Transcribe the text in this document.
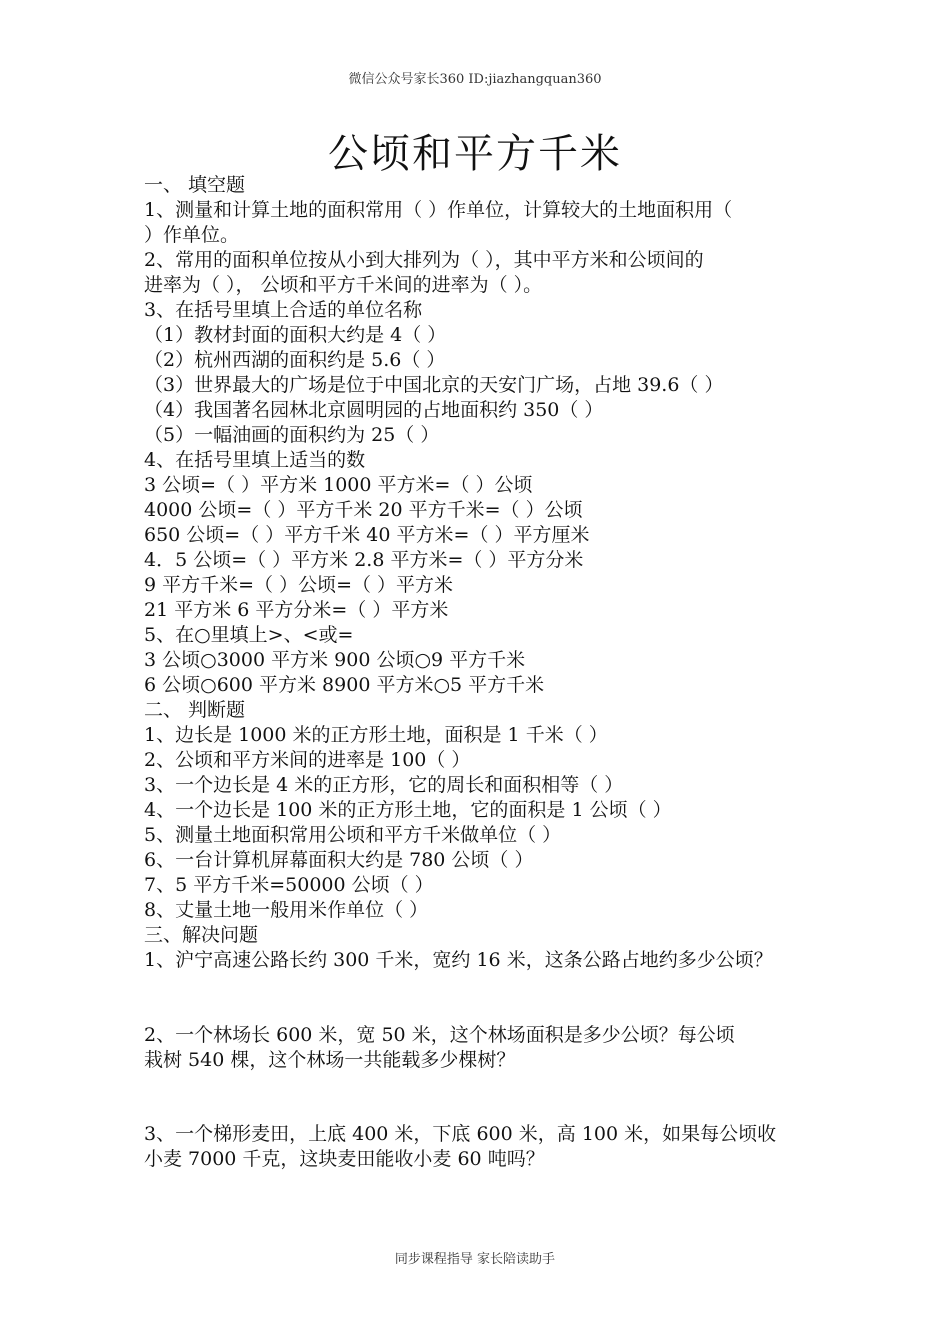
微信公众号家长360 ID:jiazhangquan360
公顷和平方千米
一、 填空题
1、测量和计算土地的面积常用（ ）作单位，计算较大的土地面积用（
）作单位。
2、常用的面积单位按从小到大排列为（ ），其中平方米和公顷间的
进率为（ ）， 公顷和平方千米间的进率为（ ）。
3、在括号里填上合适的单位名称
（1）教材封面的面积大约是 4（ ）
（2）杭州西湖的面积约是 5.6（ ）
（3）世界最大的广场是位于中国北京的天安门广场，占地 39.6（ ）
（4）我国著名园林北京圆明园的占地面积约 350（ ）
（5）一幅油画的面积约为 25（ ）
4、在括号里填上适当的数
3 公顷=（ ）平方米 1000 平方米=（ ）公顷
4000 公顷=（ ）平方千米 20 平方千米=（ ）公顷
650 公顷=（ ）平方千米 40 平方米=（ ）平方厘米
4．5 公顷=（ ）平方米 2.8 平方米=（ ）平方分米
9 平方千米=（ ）公顷=（ ）平方米
21 平方米 6 平方分米=（ ）平方米
5、在○里填上>、<或=
3 公顷○3000 平方米 900 公顷○9 平方千米
6 公顷○600 平方米 8900 平方米○5 平方千米
二、 判断题
1、边长是 1000 米的正方形土地，面积是 1 千米（ ）
2、公顷和平方米间的进率是 100（ ）
3、一个边长是 4 米的正方形，它的周长和面积相等（ ）
4、一个边长是 100 米的正方形土地，它的面积是 1 公顷（ ）
5、测量土地面积常用公顷和平方千米做单位（ ）
6、一台计算机屏幕面积大约是 780 公顷（ ）
7、5 平方千米=50000 公顷（ ）
8、丈量土地一般用米作单位（ ）
三、解决问题
1、沪宁高速公路长约 300 千米，宽约 16 米，这条公路占地约多少公顷？
2、一个林场长 600 米，宽 50 米，这个林场面积是多少公顷？每公顷
栽树 540 棵，这个林场一共能载多少棵树？
3、一个梯形麦田，上底 400 米，下底 600 米，高 100 米，如果每公顷收
小麦 7000 千克，这块麦田能收小麦 60 吨吗？
同步课程指导 家长陪读助手
